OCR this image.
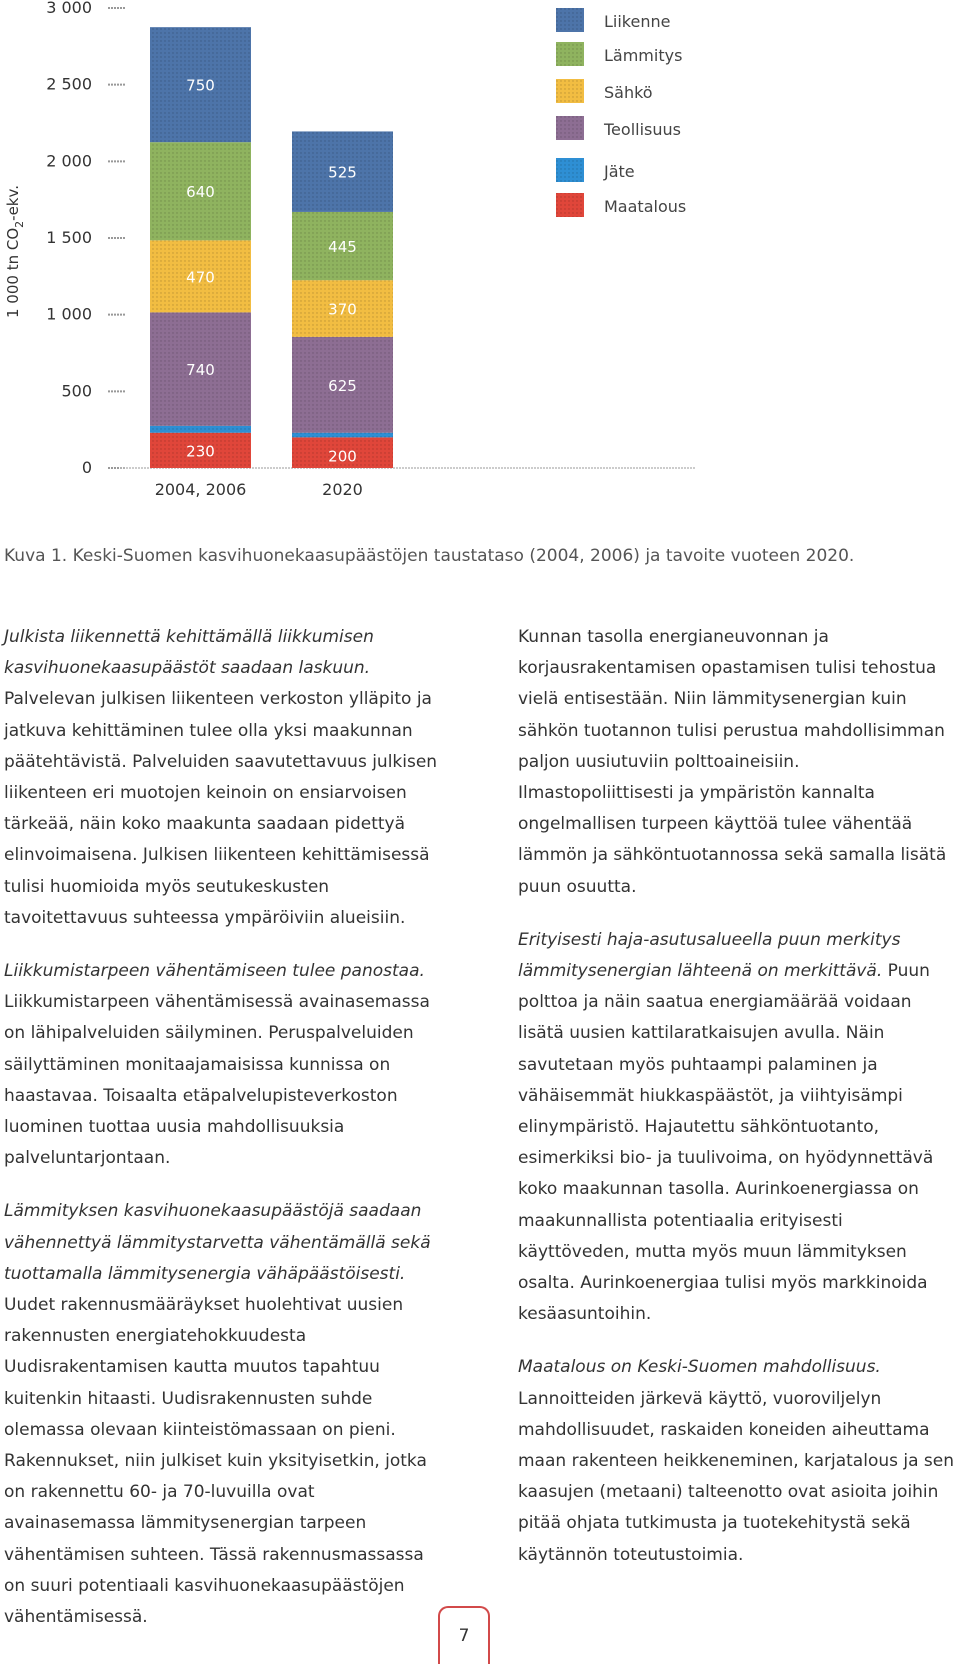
1 000 tn $CO_2$-ekv.
0
500
1 000
1 500
2 000
2 500
3 000
230
740
470
640
750
200
625
370
445
525
2004, 2006	2020
Liikenne
Lämmitys
Sähkö
Teollisuus
Jäte
Maatalous
Kuva 1. Keski-Suomen kasvihuonekaasupäästöjen taustataso (2004, 2006) ja tavoite vuoteen 2020.

Julkista liikennettä kehittämällä liikkumisen kasvihuonekaasupäästöt saadaan laskuun. Palvelevan julkisen liikenteen verkoston ylläpito ja jatkuva kehittäminen tulee olla yksi maakunnan päätehtävistä. Palveluiden saavutettavuus julkisen liikenteen eri muotojen keinoin on ensiarvoisen tärkeää, näin koko maakunta saadaan pidettyä elinvoimaisena. Julkisen liikenteen kehittämisessä tulisi huomioida myös seutukeskusten tavoitettavuus suhteessa ympäröiviin alueisiin.

Liikkumistarpeen vähentämiseen tulee panostaa. Liikkumistarpeen vähentämisessä avainasemassa on lähipalveluiden säilyminen. Peruspalveluiden säilyttäminen monitaajamaisissa kunnissa on haastavaa. Toisaalta etäpalvelupisteverkoston luominen tuottaa uusia mahdollisuuksia palveluntarjontaan.

Lämmityksen kasvihuonekaasupäästöjä saadaan vähennettyä lämmitystarvetta vähentämällä sekä tuottamalla lämmitysenergia vähäpäästöisesti. Uudet rakennusmääräykset huolehtivat uusien rakennusten energiatehokkuudesta Uudisrakentamisen kautta muutos tapahtuu kuitenkin hitaasti. Uudisrakennusten suhde olemassa olevaan kiinteistömassaan on pieni. Rakennukset, niin julkiset kuin yksityisetkin, jotka on rakennettu 60- ja 70-luvuilla ovat avainasemassa lämmitysenergian tarpeen vähentämisen suhteen. Tässä rakennusmassassa on suuri potentiaali kasvihuonekaasupäästöjen vähentämisessä.

Kunnan tasolla energianeuvonnan ja korjausrakentamisen opastamisen tulisi tehostua vielä entisestään. Niin lämmitysenergian kuin sähkön tuotannon tulisi perustua mahdollisimman paljon uusiutuviin polttoaineisiin. Ilmastopoliittisesti ja ympäristön kannalta ongelmallisen turpeen käyttöä tulee vähentää lämmön ja sähköntuotannossa sekä samalla lisätä puun osuutta.

Erityisesti haja-asutusalueella puun merkitys lämmitysenergian lähteenä on merkittävä. Puun polttoa ja näin saatua energiamäärää voidaan lisätä uusien kattilaratkaisujen avulla. Näin savutetaan myös puhtaampi palaminen ja vähäisemmät hiukkaspäästöt, ja viihtyisämpi elinympäristö. Hajautettu sähköntuotanto, esimerkiksi bio- ja tuulivoima, on hyödynnettävä koko maakunnan tasolla. Aurinkoenergiassa on maakunnallista potentiaalia erityisesti käyttöveden, mutta myös muun lämmityksen osalta. Aurinkoenergiaa tulisi myös markkinoida kesäasuntoihin.

Maatalous on Keski-Suomen mahdollisuus. Lannoitteiden järkevä käyttö, vuoroviljelyn mahdollisuudet, raskaiden koneiden aiheuttama maan rakenteen heikkeneminen, karjatalous ja sen kaasujen (metaani) talteenotto ovat asioita joihin pitää ohjata tutkimusta ja tuotekehitystä sekä käytännön toteutustoimia.

7
